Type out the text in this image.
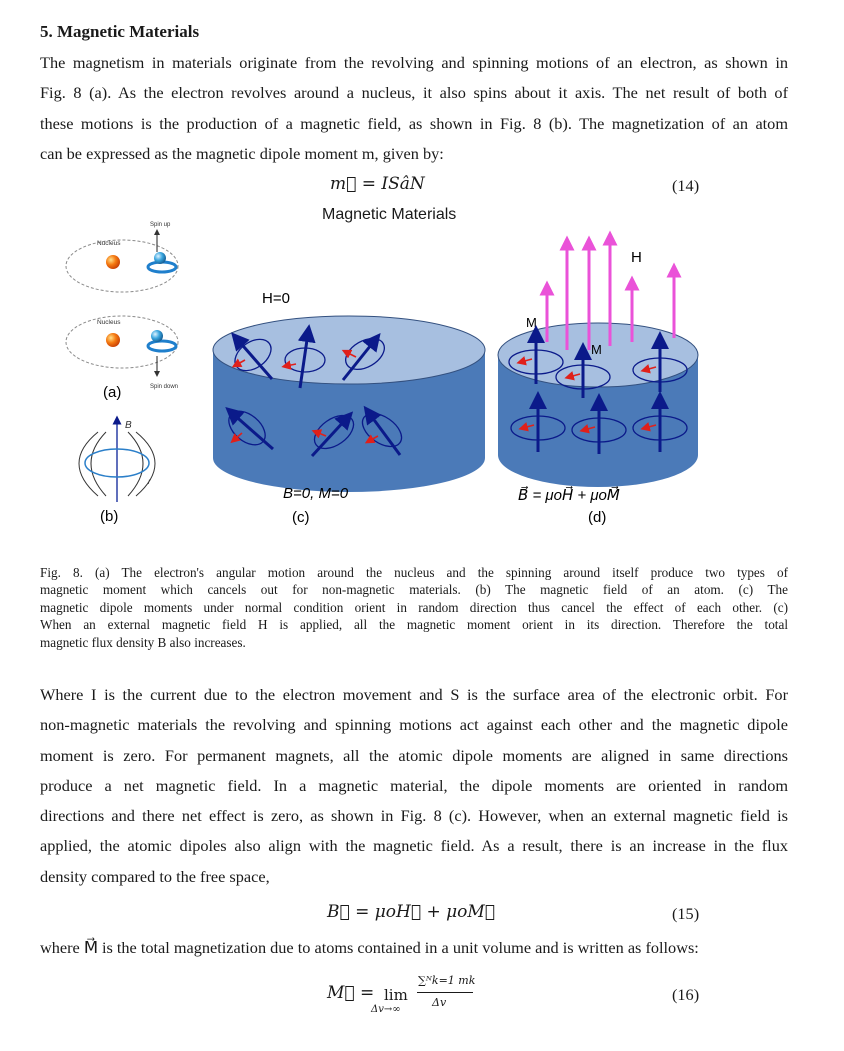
5. Magnetic Materials
The magnetism in materials originate from the revolving and spinning motions of an electron, as shown in
Fig. 8 (a). As the electron revolves around a nucleus, it also spins about it axis. The net result of both of
these motions is the production of a magnetic field, as shown in Fig. 8 (b). The magnetization of an atom
can be expressed as the magnetic dipole moment m, given by:
m⃗ = ISâN	(14)
Magnetic Materials
Nucleus
Spin up
Nucleus
Spin down
(a)
B
I
(b)
H=0
B=0, M=0
(c)
H
M
M
B⃗ = μoH⃗ + μoM⃗
(d)
Fig. 8. (a) The electron's angular motion around the nucleus and the spinning around itself produce two types of
magnetic moment which cancels out for non-magnetic materials. (b) The magnetic field of an atom. (c) The
magnetic dipole moments under normal condition orient in random direction thus cancel the effect of each other. (c)
When an external magnetic field H is applied, all the magnetic moment orient in its direction. Therefore the total
magnetic flux density B also increases.
Where I is the current due to the electron movement and S is the surface area of the electronic orbit. For
non-magnetic materials the revolving and spinning motions act against each other and the magnetic dipole
moment is zero. For permanent magnets, all the atomic dipole moments are aligned in same directions
produce a net magnetic field. In a magnetic material, the dipole moments are oriented in random
directions and there net effect is zero, as shown in Fig. 8 (c). However, when an external magnetic field is
applied, the atomic dipoles also align with the magnetic field. As a result, there is an increase in the flux
density compared to the free space,
B⃗ = μoH⃗ + μoM⃗	(15)
where M⃗ is the total magnetization due to atoms contained in a unit volume and is written as follows:
M⃗ = lim
Δv→∞
∑ᴺk=1 mk
Δv	(16)
